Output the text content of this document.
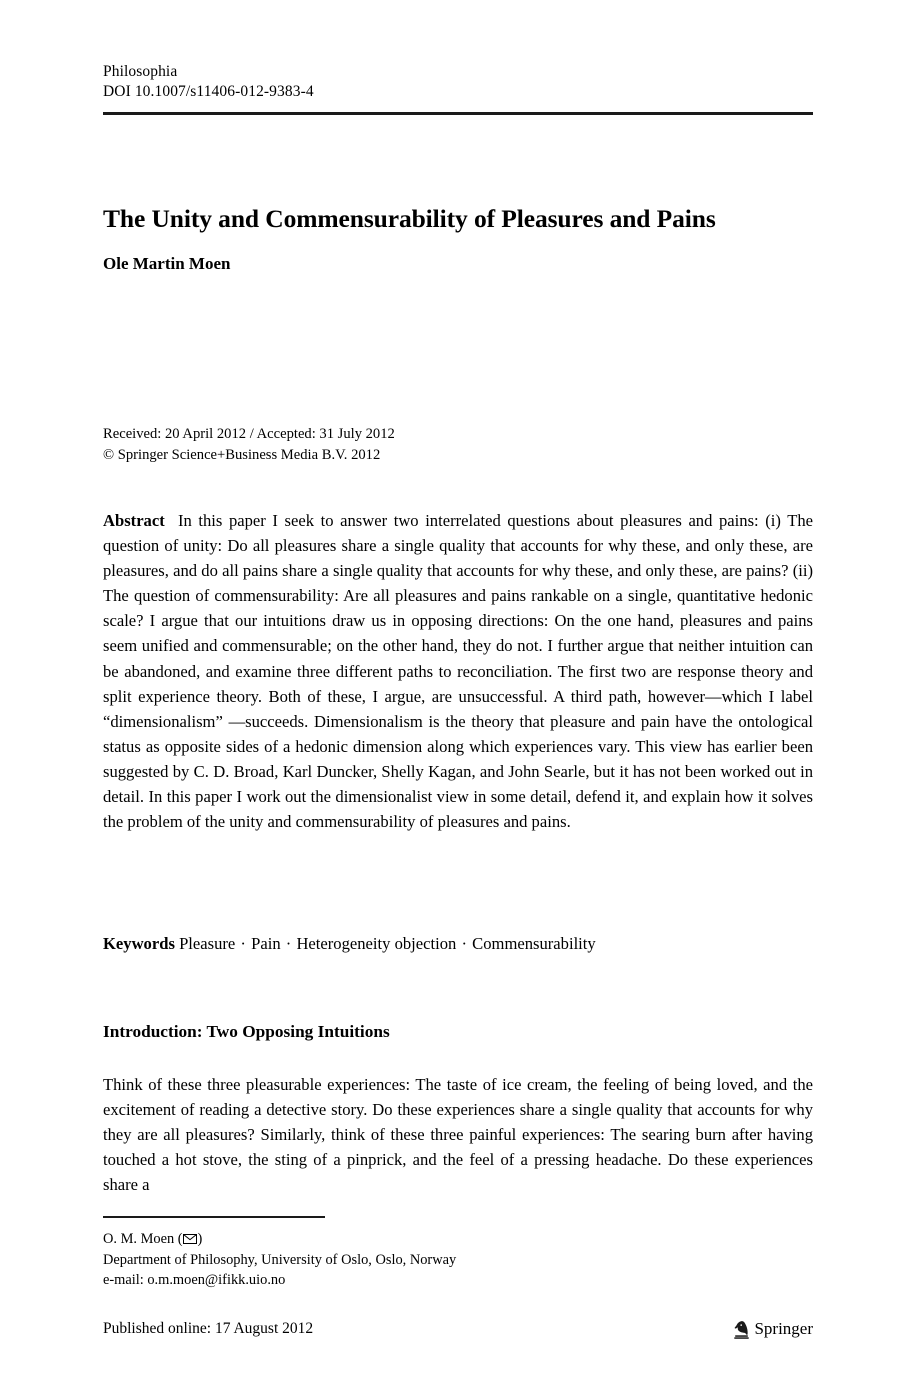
Philosophia
DOI 10.1007/s11406-012-9383-4
The Unity and Commensurability of Pleasures and Pains
Ole Martin Moen
Received: 20 April 2012 / Accepted: 31 July 2012
© Springer Science+Business Media B.V. 2012
Abstract In this paper I seek to answer two interrelated questions about pleasures and pains: (i) The question of unity: Do all pleasures share a single quality that accounts for why these, and only these, are pleasures, and do all pains share a single quality that accounts for why these, and only these, are pains? (ii) The question of commensurability: Are all pleasures and pains rankable on a single, quantitative hedonic scale? I argue that our intuitions draw us in opposing directions: On the one hand, pleasures and pains seem unified and commensurable; on the other hand, they do not. I further argue that neither intuition can be abandoned, and examine three different paths to reconciliation. The first two are response theory and split experience theory. Both of these, I argue, are unsuccessful. A third path, however—which I label “dimensionalism” —succeeds. Dimensionalism is the theory that pleasure and pain have the ontological status as opposite sides of a hedonic dimension along which experiences vary. This view has earlier been suggested by C. D. Broad, Karl Duncker, Shelly Kagan, and John Searle, but it has not been worked out in detail. In this paper I work out the dimensionalist view in some detail, defend it, and explain how it solves the problem of the unity and commensurability of pleasures and pains.
Keywords Pleasure · Pain · Heterogeneity objection · Commensurability
Introduction: Two Opposing Intuitions

Think of these three pleasurable experiences: The taste of ice cream, the feeling of being loved, and the excitement of reading a detective story. Do these experiences share a single quality that accounts for why they are all pleasures? Similarly, think of these three painful experiences: The searing burn after having touched a hot stove, the sting of a pinprick, and the feel of a pressing headache. Do these experiences share a

O. M. Moen ( )
Department of Philosophy, University of Oslo, Oslo, Norway
e-mail: o.m.moen@ifikk.uio.no
Published online: 17 August 2012	Springer
